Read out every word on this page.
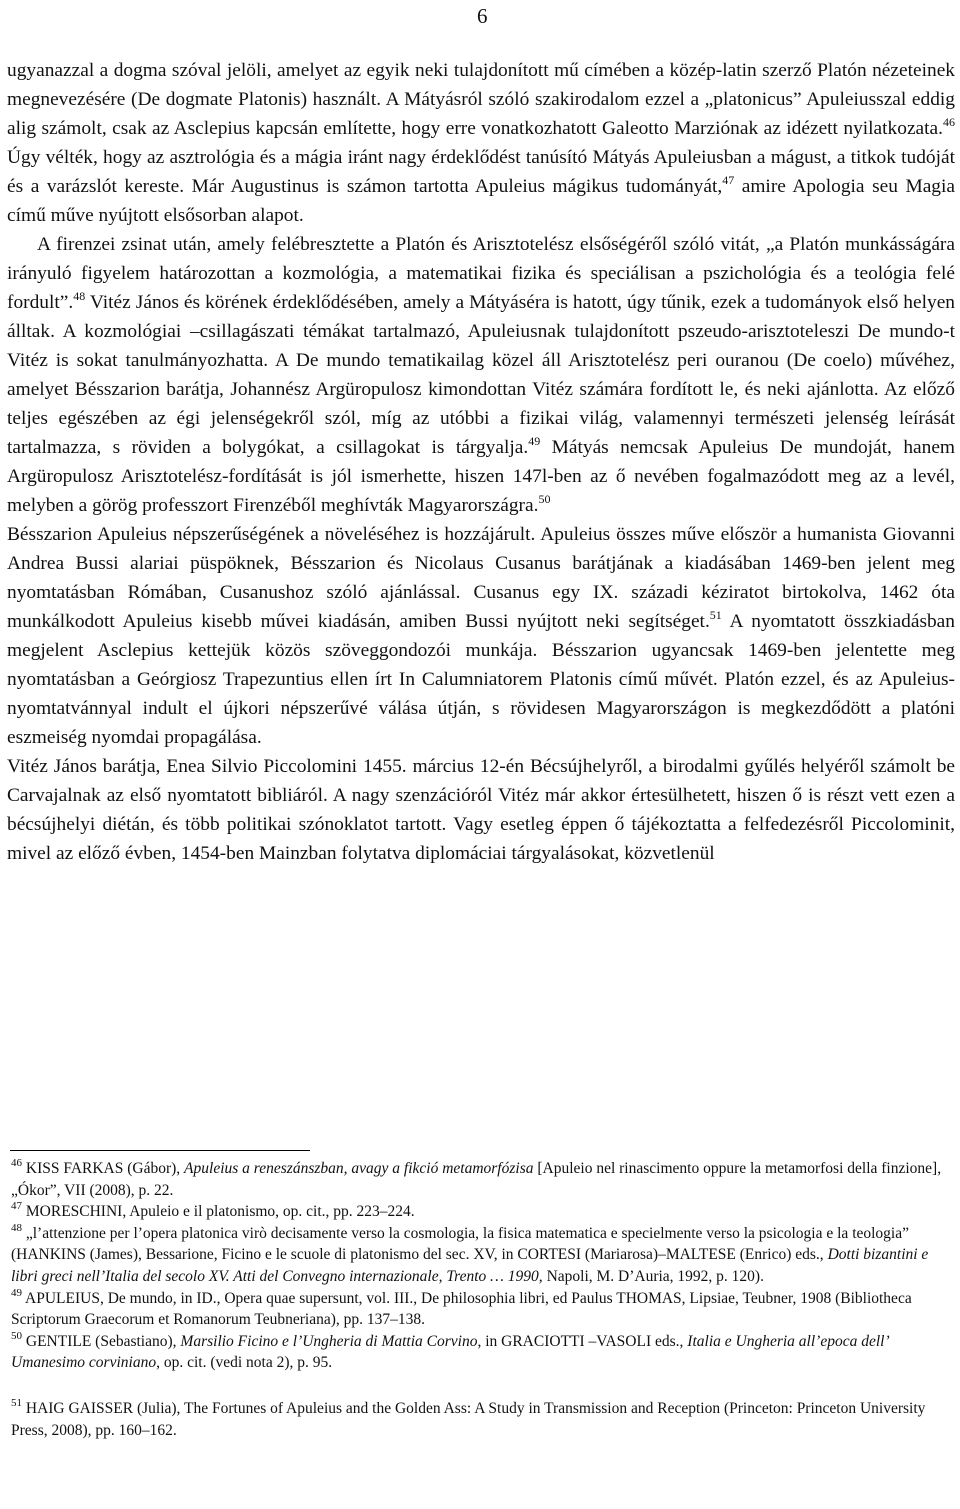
6

ugyanazzal a dogma szóval jelöli, amelyet az egyik neki tulajdonított mű címében a közép-latin szerző Platón nézeteinek megnevezésére (De dogmate Platonis) használt. A Mátyásról szóló szakirodalom ezzel a „platonicus” Apuleiusszal eddig alig számolt, csak az Asclepius kapcsán említette, hogy erre vonatkozhatott Galeotto Marziónak az idézett nyilatkozata.$^{46}$ Úgy vélték, hogy az asztrológia és a mágia iránt nagy érdeklődést tanúsító Mátyás Apuleiusban a mágust, a titkok tudóját és a varázslót kereste. Már Augustinus is számon tartotta Apuleius mágikus tudományát,$^{47}$ amire Apologia seu Magia című műve nyújtott elsősorban alapot.

A firenzei zsinat után, amely felébresztette a Platón és Arisztotelész elsőségéről szóló vitát, „a Platón munkásságára irányuló figyelem határozottan a kozmológia, a matematikai fizika és speciálisan a pszichológia és a teológia felé fordult”.$^{48}$ Vitéz János és körének érdeklődésében, amely a Mátyáséra is hatott, úgy tűnik, ezek a tudományok első helyen álltak. A kozmológiai –csillagászati témákat tartalmazó, Apuleiusnak tulajdonított pszeudo-arisztoteleszi De mundo-t Vitéz is sokat tanulmányozhatta. A De mundo tematikailag közel áll Arisztotelész peri ouranou (De coelo) művéhez, amelyet Bésszarion barátja, Johannész Argüropulosz kimondottan Vitéz számára fordított le, és neki ajánlotta. Az előző teljes egészében az égi jelenségekről szól, míg az utóbbi a fizikai világ, valamennyi természeti jelenség leírását tartalmazza, s röviden a bolygókat, a csillagokat is tárgyalja.$^{49}$ Mátyás nemcsak Apuleius De mundoját, hanem Argüropulosz Arisztotelész-fordítását is jól ismerhette, hiszen 147l-ben az ő nevében fogalmazódott meg az a levél, melyben a görög professzort Firenzéből meghívták Magyarországra.$^{50}$

Bésszarion Apuleius népszerűségének a növeléséhez is hozzájárult. Apuleius összes műve először a humanista Giovanni Andrea Bussi alariai püspöknek, Bésszarion és Nicolaus Cusanus barátjának a kiadásában 1469-ben jelent meg nyomtatásban Rómában, Cusanushoz szóló ajánlással. Cusanus egy IX. századi kéziratot birtokolva, 1462 óta munkálkodott Apuleius kisebb művei kiadásán, amiben Bussi nyújtott neki segítséget.$^{51}$ A nyomtatott összkiadásban megjelent Asclepius kettejük közös szöveggondozói munkája. Bésszarion ugyancsak 1469-ben jelentette meg nyomtatásban a Geórgiosz Trapezuntius ellen írt In Calumniatorem Platonis című művét. Platón ezzel, és az Apuleius-nyomtatvánnyal indult el újkori népszerűvé válása útján, s rövidesen Magyarországon is megkezdődött a platóni eszmeiség nyomdai propagálása.

Vitéz János barátja, Enea Silvio Piccolomini 1455. március 12-én Bécsújhelyről, a birodalmi gyűlés helyéről számolt be Carvajalnak az első nyomtatott bibliáról. A nagy szenzációról Vitéz már akkor értesülhetett, hiszen ő is részt vett ezen a bécsújhelyi diétán, és több politikai szónoklatot tartott. Vagy esetleg éppen ő tájékoztatta a felfedezésről Piccolominit, mivel az előző évben, 1454-ben Mainzban folytatva diplomáciai tárgyalásokat, közvetlenül

$^{46}$ KISS FARKAS (Gábor), Apuleius a reneszánszban, avagy a fikció metamorfózisa [Apuleio nel rinascimento oppure la metamorfosi della finzione], „Ókor”, VII (2008), p. 22.

$^{47}$ MORESCHINI, Apuleio e il platonismo, op. cit., pp. 223–224.

$^{48}$ „l’attenzione per l’opera platonica virò decisamente verso la cosmologia, la fisica matematica e specielmente verso la psicologia e la teologia” (HANKINS (James), Bessarione, Ficino e le scuole di platonismo del sec. XV, in CORTESI (Mariarosa)–MALTESE (Enrico) eds., Dotti bizantini e libri greci nell’Italia del secolo XV. Atti del Convegno internazionale, Trento … 1990, Napoli, M. D’Auria, 1992, p. 120).

$^{49}$ APULEIUS, De mundo, in ID., Opera quae supersunt, vol. III., De philosophia libri, ed Paulus THOMAS, Lipsiae, Teubner, 1908 (Bibliotheca Scriptorum Graecorum et Romanorum Teubneriana), pp. 137–138.

$^{50}$ GENTILE (Sebastiano), Marsilio Ficino e l’Ungheria di Mattia Corvino, in GRACIOTTI –VASOLI eds., Italia e Ungheria all’epoca dell’ Umanesimo corviniano, op. cit. (vedi nota 2), p. 95.

$^{51}$ HAIG GAISSER (Julia), The Fortunes of Apuleius and the Golden Ass: A Study in Transmission and Reception (Princeton: Princeton University Press, 2008), pp. 160–162.
